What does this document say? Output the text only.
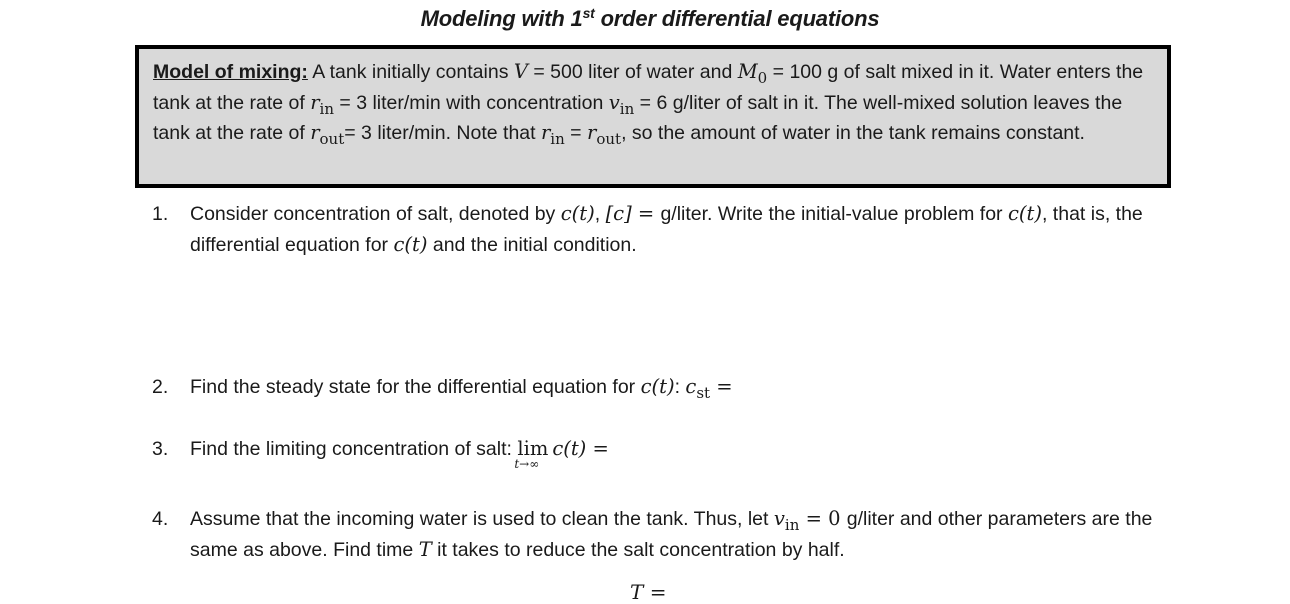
Modeling with 1st order differential equations
Model of mixing: A tank initially contains V = 500 liter of water and $M_0 = 100$ g of salt mixed in it. Water enters the tank at the rate of $r_{in} = 3$ liter/min with concentration $v_{in} = 6$ g/liter of salt in it. The well-mixed solution leaves the tank at the rate of $r_{out}= 3$ liter/min. Note that $r_{in} = r_{out}$, so the amount of water in the tank remains constant.
1. Consider concentration of salt, denoted by c(t), [c] = g/liter. Write the initial-value problem for c(t), that is, the differential equation for c(t) and the initial condition.
2. Find the steady state for the differential equation for c(t): $c_{st}$ =
3. Find the limiting concentration of salt: lim
t→∞
c(t) =
4. Assume that the incoming water is used to clean the tank. Thus, let $v_{in} = 0$ g/liter and other parameters are the same as above. Find time T it takes to reduce the salt concentration by half.
T =
